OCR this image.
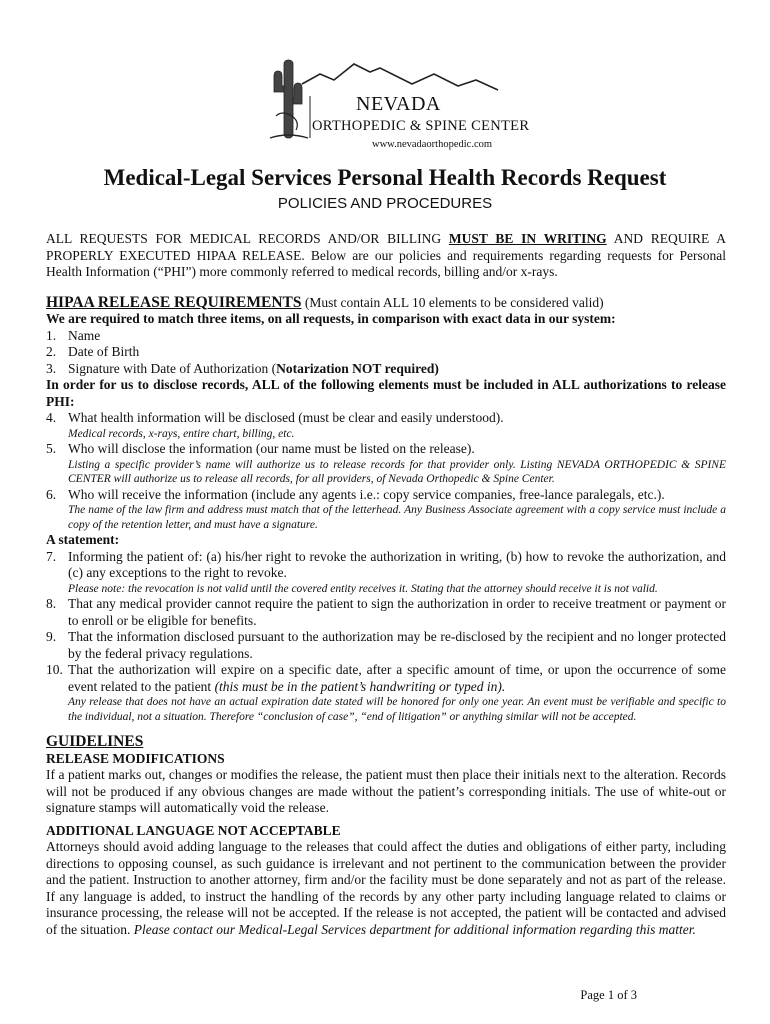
NEVADA
ORTHOPEDIC & SPINE CENTER
www.nevadaorthopedic.com
Medical-Legal Services Personal Health Records Request
POLICIES AND PROCEDURES

ALL REQUESTS FOR MEDICAL RECORDS AND/OR BILLING MUST BE IN WRITING AND REQUIRE A PROPERLY EXECUTED HIPAA RELEASE. Below are our policies and requirements regarding requests for Personal Health Information (“PHI”) more commonly referred to medical records, billing and/or x-rays.

HIPAA RELEASE REQUIREMENTS (Must contain ALL 10 elements to be considered valid)

We are required to match three items, on all requests, in comparison with exact data in our system:

1. Name
2. Date of Birth
3. Signature with Date of Authorization (Notarization NOT required)

In order for us to disclose records, ALL of the following elements must be included in ALL authorizations to release PHI:

4. What health information will be disclosed (must be clear and easily understood).
Medical records, x-rays, entire chart, billing, etc.
5. Who will disclose the information (our name must be listed on the release).
Listing a specific provider’s name will authorize us to release records for that provider only. Listing NEVADA ORTHOPEDIC & SPINE CENTER will authorize us to release all records, for all providers, of Nevada Orthopedic & Spine Center.
6. Who will receive the information (include any agents i.e.: copy service companies, free-lance paralegals, etc.).
The name of the law firm and address must match that of the letterhead. Any Business Associate agreement with a copy service must include a copy of the retention letter, and must have a signature.

A statement:

7. Informing the patient of: (a) his/her right to revoke the authorization in writing, (b) how to revoke the authorization, and (c) any exceptions to the right to revoke.
Please note: the revocation is not valid until the covered entity receives it. Stating that the attorney should receive it is not valid.
8. That any medical provider cannot require the patient to sign the authorization in order to receive treatment or payment or to enroll or be eligible for benefits.
9. That the information disclosed pursuant to the authorization may be re-disclosed by the recipient and no longer protected by the federal privacy regulations.
10. That the authorization will expire on a specific date, after a specific amount of time, or upon the occurrence of some event related to the patient (this must be in the patient’s handwriting or typed in).
Any release that does not have an actual expiration date stated will be honored for only one year. An event must be verifiable and specific to the individual, not a situation. Therefore “conclusion of case”, “end of litigation” or anything similar will not be accepted.

GUIDELINES

RELEASE MODIFICATIONS

If a patient marks out, changes or modifies the release, the patient must then place their initials next to the alteration. Records will not be produced if any obvious changes are made without the patient’s corresponding initials. The use of white-out or signature stamps will automatically void the release.

ADDITIONAL LANGUAGE NOT ACCEPTABLE

Attorneys should avoid adding language to the releases that could affect the duties and obligations of either party, including directions to opposing counsel, as such guidance is irrelevant and not pertinent to the communication between the provider and the patient. Instruction to another attorney, firm and/or the facility must be done separately and not as part of the release. If any language is added, to instruct the handling of the records by any other party including language related to claims or insurance processing, the release will not be accepted. If the release is not accepted, the patient will be contacted and advised of the situation. Please contact our Medical-Legal Services department for additional information regarding this matter.

Page 1 of 3
